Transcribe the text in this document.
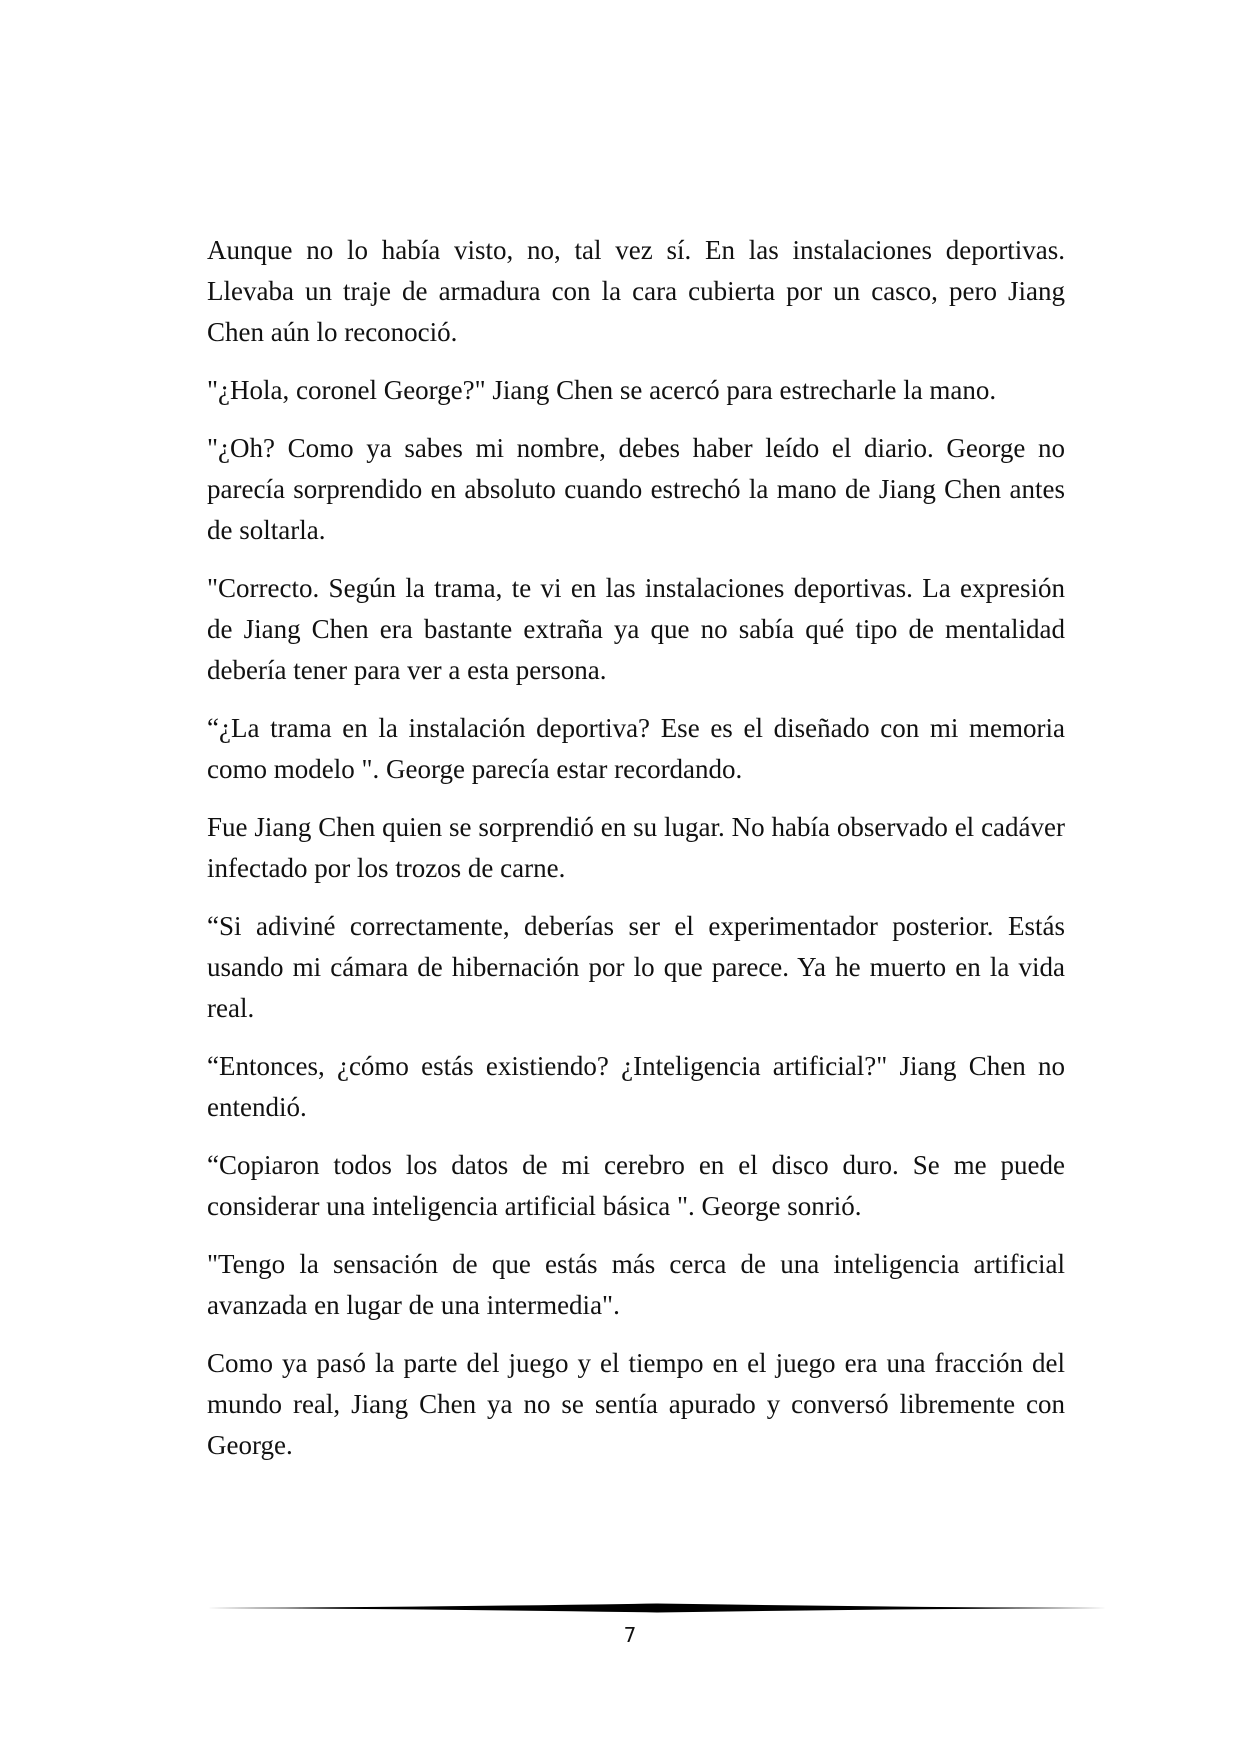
Aunque no lo había visto, no, tal vez sí. En las instalaciones deportivas. Llevaba un traje de armadura con la cara cubierta por un casco, pero Jiang Chen aún lo reconoció.

"¿Hola, coronel George?" Jiang Chen se acercó para estrecharle la mano.

"¿Oh? Como ya sabes mi nombre, debes haber leído el diario. George no parecía sorprendido en absoluto cuando estrechó la mano de Jiang Chen antes de soltarla.

"Correcto. Según la trama, te vi en las instalaciones deportivas. La expresión de Jiang Chen era bastante extraña ya que no sabía qué tipo de mentalidad debería tener para ver a esta persona.

“¿La trama en la instalación deportiva? Ese es el diseñado con mi memoria como modelo ". George parecía estar recordando.

Fue Jiang Chen quien se sorprendió en su lugar. No había observado el cadáver infectado por los trozos de carne.

“Si adiviné correctamente, deberías ser el experimentador posterior. Estás usando mi cámara de hibernación por lo que parece. Ya he muerto en la vida real.

“Entonces, ¿cómo estás existiendo? ¿Inteligencia artificial?" Jiang Chen no entendió.

“Copiaron todos los datos de mi cerebro en el disco duro. Se me puede considerar una inteligencia artificial básica ". George sonrió.

"Tengo la sensación de que estás más cerca de una inteligencia artificial avanzada en lugar de una intermedia".

Como ya pasó la parte del juego y el tiempo en el juego era una fracción del mundo real, Jiang Chen ya no se sentía apurado y conversó libremente con George.

7
